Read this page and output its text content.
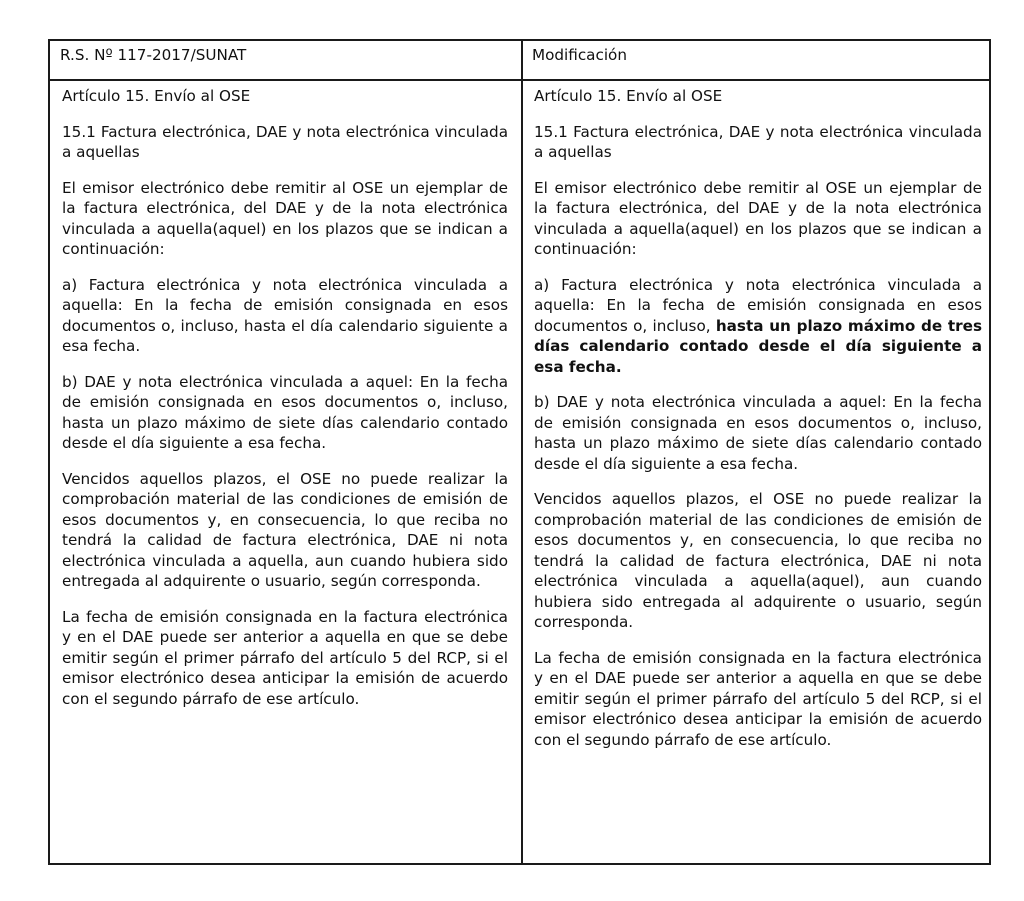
R.S. Nº 117-2017/SUNAT	Modificación

Artículo 15. Envío al OSE

15.1 Factura electrónica, DAE y nota electrónica vinculada a aquellas

El emisor electrónico debe remitir al OSE un ejemplar de la factura electrónica, del DAE y de la nota electrónica vinculada a aquella(aquel) en los plazos que se indican a continuación:

a) Factura electrónica y nota electrónica vinculada a aquella: En la fecha de emisión consignada en esos documentos o, incluso, hasta el día calendario siguiente a esa fecha.

b) DAE y nota electrónica vinculada a aquel: En la fecha de emisión consignada en esos documentos o, incluso, hasta un plazo máximo de siete días calendario contado desde el día siguiente a esa fecha.

Vencidos aquellos plazos, el OSE no puede realizar la comprobación material de las condiciones de emisión de esos documentos y, en consecuencia, lo que reciba no tendrá la calidad de factura electrónica, DAE ni nota electrónica vinculada a aquella, aun cuando hubiera sido entregada al adquirente o usuario, según corresponda.

La fecha de emisión consignada en la factura electrónica y en el DAE puede ser anterior a aquella en que se debe emitir según el primer párrafo del artículo 5 del RCP, si el emisor electrónico desea anticipar la emisión de acuerdo con el segundo párrafo de ese artículo.

Artículo 15. Envío al OSE

15.1 Factura electrónica, DAE y nota electrónica vinculada a aquellas

El emisor electrónico debe remitir al OSE un ejemplar de la factura electrónica, del DAE y de la nota electrónica vinculada a aquella(aquel) en los plazos que se indican a continuación:

a) Factura electrónica y nota electrónica vinculada a aquella: En la fecha de emisión consignada en esos documentos o, incluso, hasta un plazo máximo de tres días calendario contado desde el día siguiente a esa fecha.

b) DAE y nota electrónica vinculada a aquel: En la fecha de emisión consignada en esos documentos o, incluso, hasta un plazo máximo de siete días calendario contado desde el día siguiente a esa fecha.

Vencidos aquellos plazos, el OSE no puede realizar la comprobación material de las condiciones de emisión de esos documentos y, en consecuencia, lo que reciba no tendrá la calidad de factura electrónica, DAE ni nota electrónica vinculada a aquella(aquel), aun cuando hubiera sido entregada al adquirente o usuario, según corresponda.

La fecha de emisión consignada en la factura electrónica y en el DAE puede ser anterior a aquella en que se debe emitir según el primer párrafo del artículo 5 del RCP, si el emisor electrónico desea anticipar la emisión de acuerdo con el segundo párrafo de ese artículo.
